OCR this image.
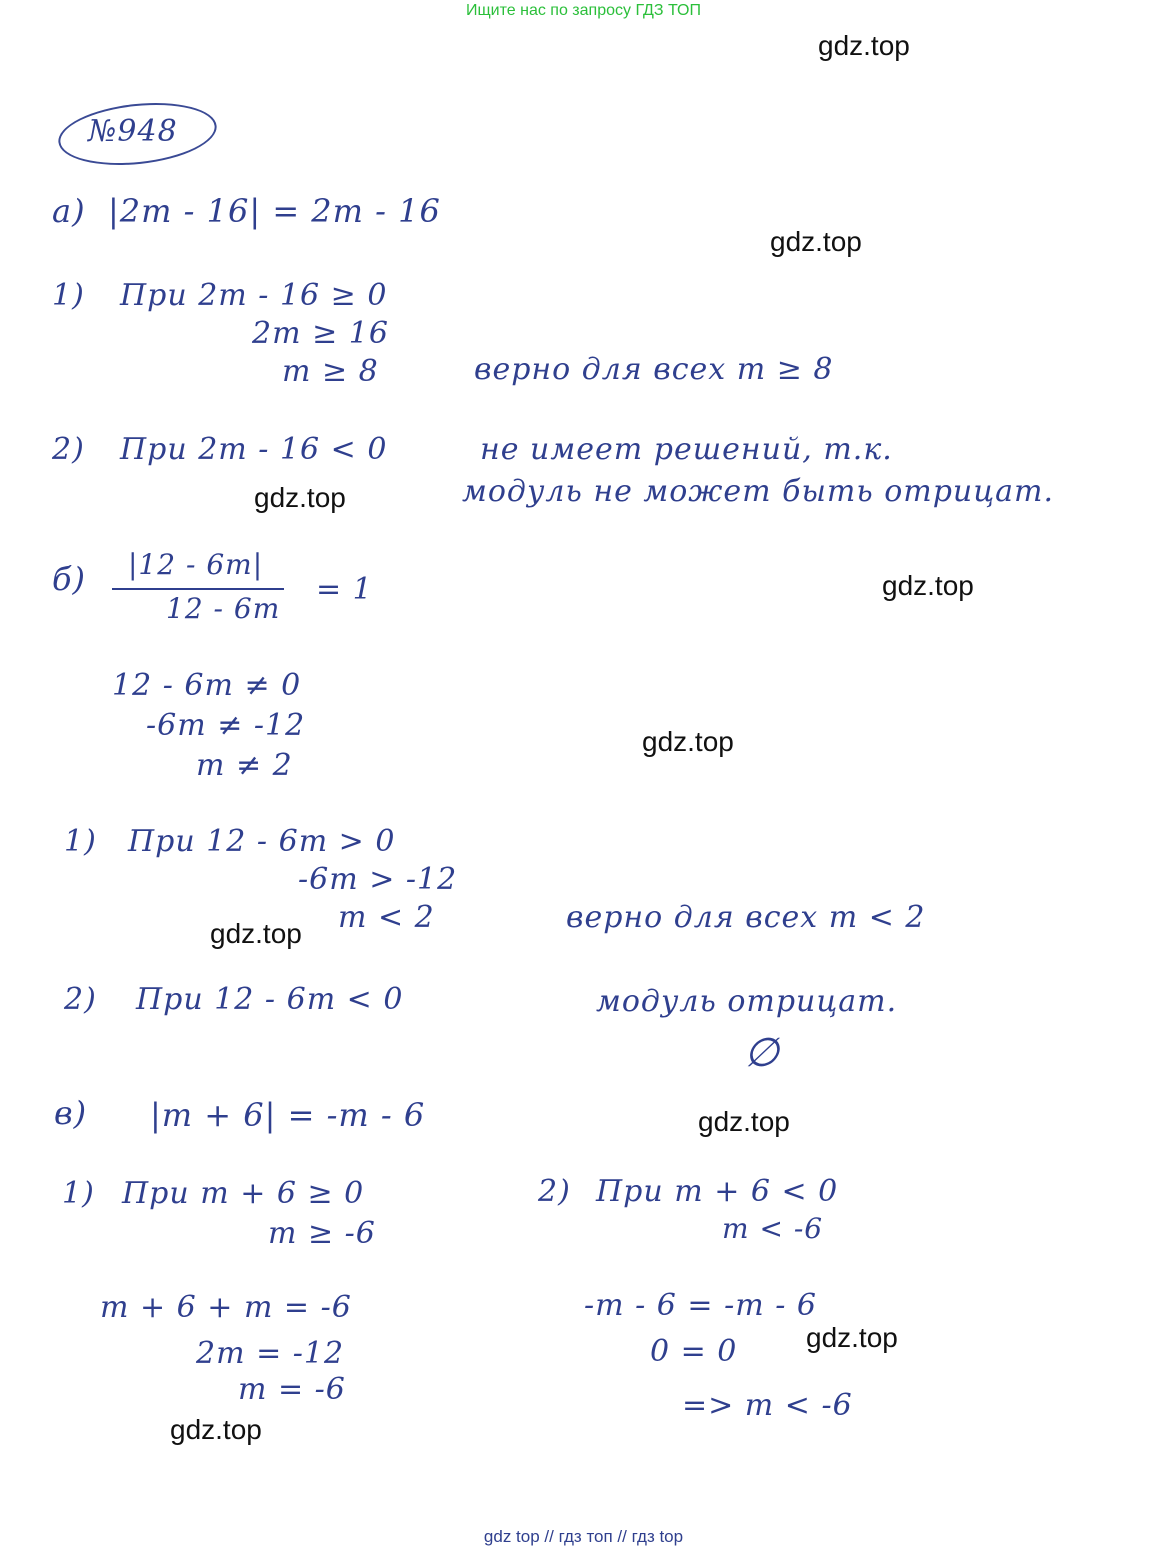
Ищите нас по запросу ГДЗ ТОП
gdz.top
gdz.top
gdz.top
gdz.top
gdz.top
gdz.top
gdz.top
gdz.top
gdz.top
№948
а) |2m - 16| = 2m - 16
1) При 2m - 16 ≥ 0
2m ≥ 16
m ≥ 8	верно для всех m ≥ 8
2) При 2m - 16 < 0	не имеет решений, т.к.
модуль не может быть отрицат.
б) |12 - 6m|
12 - 6m
= 1
12 - 6m ≠ 0
-6m ≠ -12
m ≠ 2
1) При 12 - 6m > 0
-6m > -12
m < 2	верно для всех m < 2
2) При 12 - 6m < 0	модуль отрицат.
∅
в) |m + 6| = -m - 6
1) При m + 6 ≥ 0
m ≥ -6
m + 6 + m = -6
2m = -12
m = -6
2) При m + 6 < 0
m < -6
-m - 6 = -m - 6
0 = 0
=> m < -6
gdz top // гдз топ // гдз top
